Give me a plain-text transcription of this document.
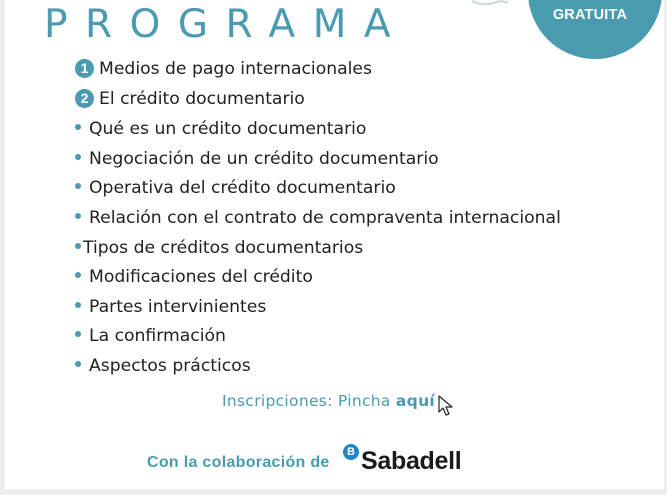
PROGRAMA	GRATUITA
1 Medios de pago internacionales
2 El crédito documentario
Qué es un crédito documentario
Negociación de un crédito documentario
Operativa del crédito documentario
Relación con el contrato de compraventa internacional
Tipos de créditos documentarios
Modificaciones del crédito
Partes intervinientes
La confirmación
Aspectos prácticos
Inscripciones: Pincha aquí
Con la colaboración de
B Sabadell
